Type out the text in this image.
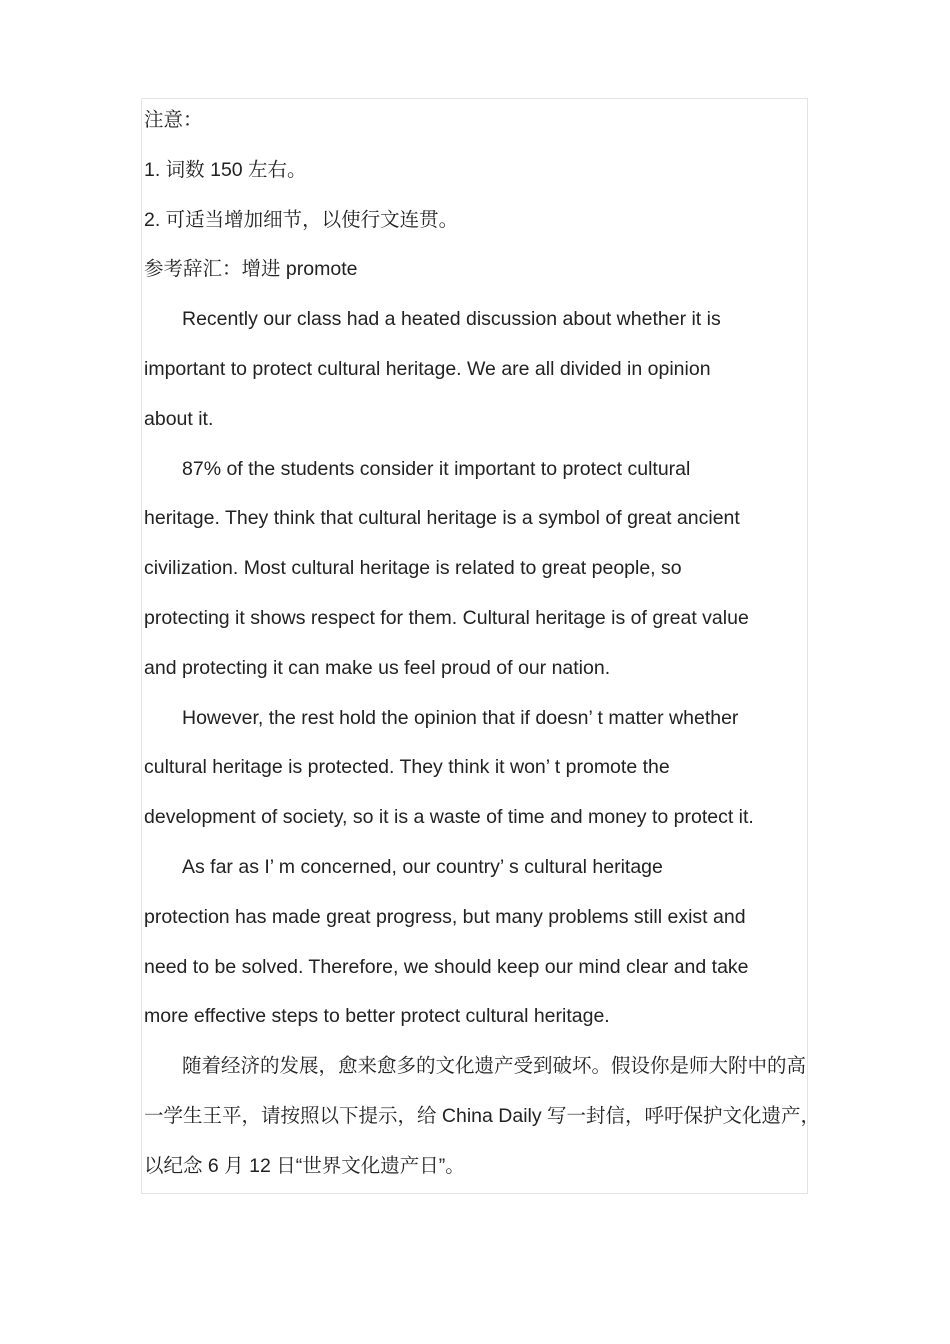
注意：

1. 词数 150 左右。

2. 可适当增加细节，以使行文连贯。

参考辞汇：增进 promote

Recently our class had a heated discussion about whether it is

important to protect cultural heritage. We are all divided in opinion

about it.

87% of the students consider it important to protect cultural

heritage. They think that cultural heritage is a symbol of great ancient

civilization. Most cultural heritage is related to great people, so

protecting it shows respect for them. Cultural heritage is of great value

and protecting it can make us feel proud of our nation.

However, the rest hold the opinion that if doesn’ t matter whether

cultural heritage is protected. They think it won’ t promote the

development of society, so it is a waste of time and money to protect it.

As far as I’ m concerned, our country’ s cultural heritage

protection has made great progress, but many problems still exist and

need to be solved. Therefore, we should keep our mind clear and take

more effective steps to better protect cultural heritage.

随着经济的发展，愈来愈多的文化遗产受到破坏。假设你是师大附中的高

一学生王平，请按照以下提示，给 China Daily 写一封信，呼吁保护文化遗产，

以纪念 6 月 12 日“世界文化遗产日”。
